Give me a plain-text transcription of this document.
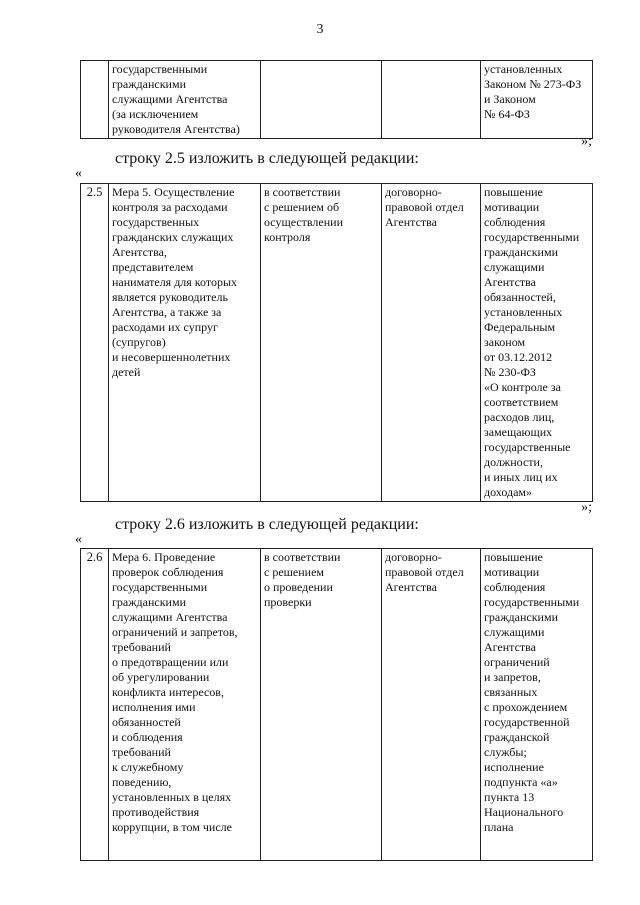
3
	государственными
гражданскими
служащими Агентства
(за исключением
руководителя Агентства)			установленных
Законом № 273-ФЗ
и Законом
№ 64-ФЗ
»;
строку 2.5 изложить в следующей редакции:
«
2.5	Мера 5. Осуществление
контроля за расходами
государственных
гражданских служащих
Агентства,
представителем
нанимателя для которых
является руководитель
Агентства, а также за
расходами их супруг
(супругов)
и несовершеннолетних
детей	в соответствии
с решением об
осуществлении
контроля	договорно-
правовой отдел
Агентства	повышение
мотивации
соблюдения
государственными
гражданскими
служащими
Агентства
обязанностей,
установленных
Федеральным
законом
от 03.12.2012
№ 230-ФЗ
«О контроле за
соответствием
расходов лиц,
замещающих
государственные
должности,
и иных лиц их
доходам»
»;
строку 2.6 изложить в следующей редакции:
«
2.6	Мера 6. Проведение
проверок соблюдения
государственными
гражданскими
служащими Агентства
ограничений и запретов,
требований
о предотвращении или
об урегулировании
конфликта интересов,
исполнения ими
обязанностей
и соблюдения
требований
к служебному
поведению,
установленных в целях
противодействия
коррупции, в том числе	в соответствии
с решением
о проведении
проверки	договорно-
правовой отдел
Агентства	повышение
мотивации
соблюдения
государственными
гражданскими
служащими
Агентства
ограничений
и запретов,
связанных
с прохождением
государственной
гражданской
службы;
исполнение
подпункта «а»
пункта 13
Национального
плана
